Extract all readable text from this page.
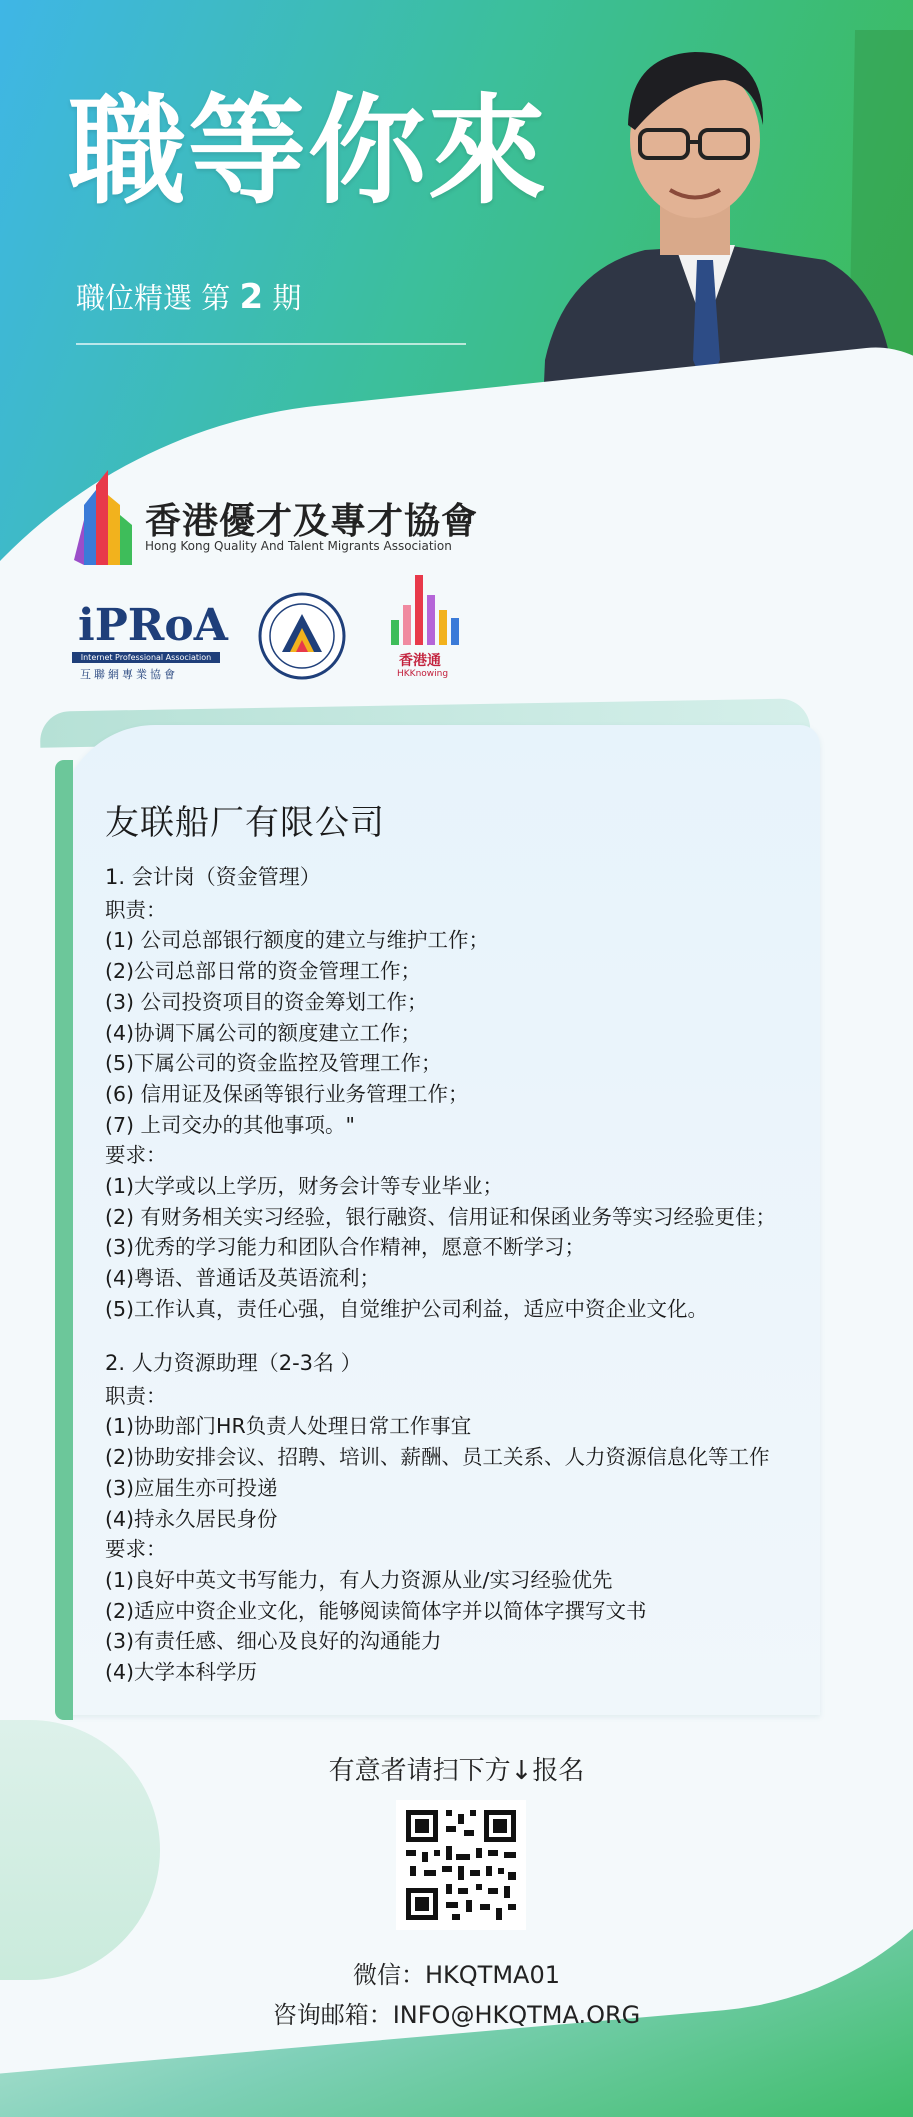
職等你來
職位精選 第 2 期
香港優才及專才協會
Hong Kong Quality And Talent Migrants Association
iPRoA
Internet Professional Association
互聯網專業協會
香港通
HKKnowing
友联船厂有限公司
1. 会计岗（资金管理）
职责：
(1) 公司总部银行额度的建立与维护工作；
(2)公司总部日常的资金管理工作；
(3) 公司投资项目的资金筹划工作；
(4)协调下属公司的额度建立工作；
(5)下属公司的资金监控及管理工作；
(6) 信用证及保函等银行业务管理工作；
(7) 上司交办的其他事项。"
要求：
(1)大学或以上学历，财务会计等专业毕业；
(2) 有财务相关实习经验，银行融资、信用证和保函业务等实习经验更佳；
(3)优秀的学习能力和团队合作精神，愿意不断学习；
(4)粤语、普通话及英语流利；
(5)工作认真，责任心强，自觉维护公司利益，适应中资企业文化。
2. 人力资源助理（2-3名 ）
职责：
(1)协助部门HR负责人处理日常工作事宜
(2)协助安排会议、招聘、培训、薪酬、员工关系、人力资源信息化等工作
(3)应届生亦可投递
(4)持永久居民身份
要求：
(1)良好中英文书写能力，有人力资源从业/实习经验优先
(2)适应中资企业文化，能够阅读简体字并以简体字撰写文书
(3)有责任感、细心及良好的沟通能力
(4)大学本科学历
有意者请扫下方↓报名
微信：HKQTMA01
咨询邮箱：INFO@HKQTMA.ORG
